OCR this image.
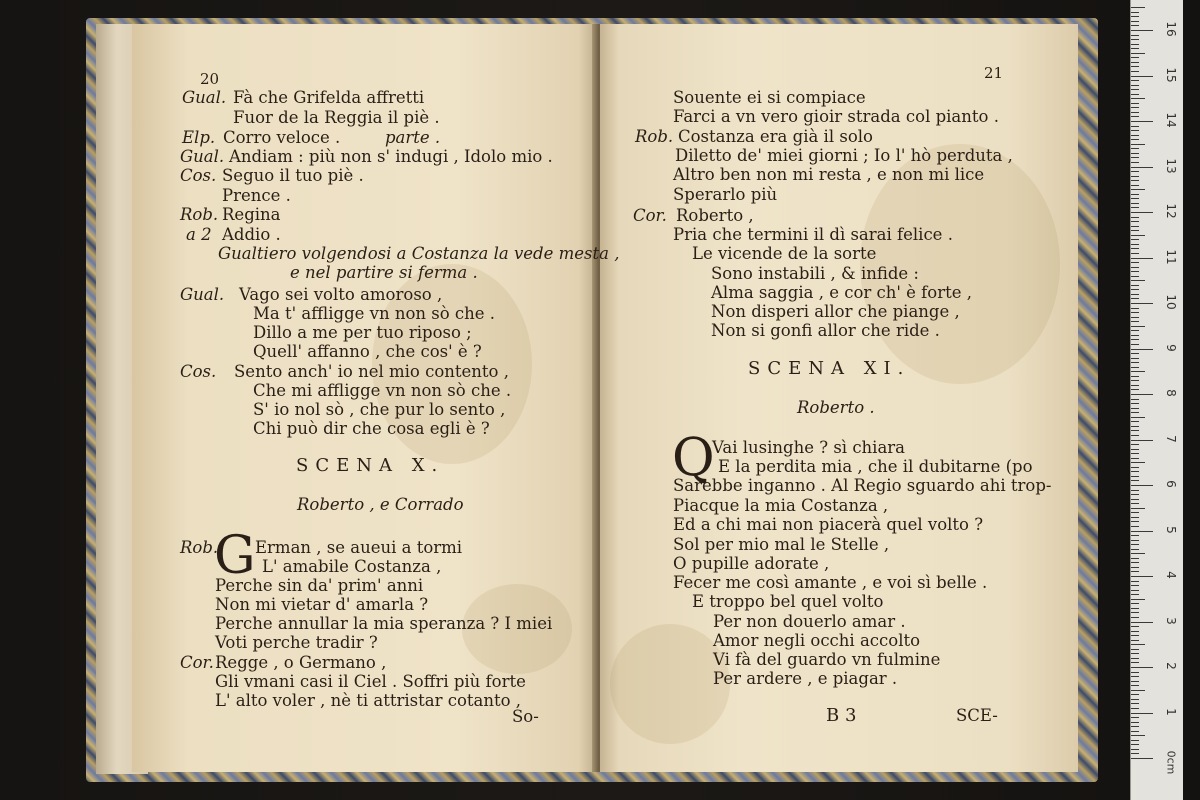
20
Gual. Fà che Grifelda affretti
Fuor de la Reggia il piè .
Elp. Corro veloce .	parte .
Gual. Andiam : più non s' indugi , Idolo mio .
Cos. Seguo il tuo piè .
Prence .
Rob. Regina
a 2 Addio .
Gualtiero volgendosi a Costanza la vede mesta ,
e nel partire si ferma .
Gual. Vago sei volto amoroso ,
Ma t' affligge vn non sò che .
Dillo a me per tuo riposo ;
Quell' affanno , che cos' è ?
Cos. Sento anch' io nel mio contento ,
Che mi affligge vn non sò che .
S' io nol sò , che pur lo sento ,
Chi può dir che cosa egli è ?
SCENA X.
Roberto , e Corrado
Rob.
G Erman , se aueui a tormi
L' amabile Costanza ,
Perche sin da' prim' anni
Non mi vietar d' amarla ?
Perche annullar la mia speranza ? I miei
Voti perche tradir ?
Cor. Regge , o Germano ,
Gli vmani casi il Ciel . Soffri più forte
L' alto voler , nè ti attristar cotanto ,
So-
21
Souente ei si compiace
Farci a vn vero gioir strada col pianto .
Rob. Costanza era già il solo
Diletto de' miei giorni ; Io l' hò perduta ,
Altro ben non mi resta , e non mi lice
Sperarlo più
Cor. Roberto ,
Pria che termini il dì sarai felice .
Le vicende de la sorte
Sono instabili , & infide :
Alma saggia , e cor ch' è forte ,
Non disperi allor che piange ,
Non si gonfi allor che ride .
SCENA XI.
Roberto .
Q
Vai lusinghe ? sì chiara
E la perdita mia , che il dubitarne (po
Sarebbe inganno . Al Regio sguardo ahi trop-
Piacque la mia Costanza ,
Ed a chi mai non piacerà quel volto ?
Sol per mio mal le Stelle ,
O pupille adorate ,
Fecer me così amante , e voi sì belle .
E troppo bel quel volto
Per non douerlo amar .
Amor negli occhi accolto
Vi fà del guardo vn fulmine
Per ardere , e piagar .
B 3	SCE-	1
2
3
4
5
6
7
8
9
10
11
12
13
14
15
16
0cm
